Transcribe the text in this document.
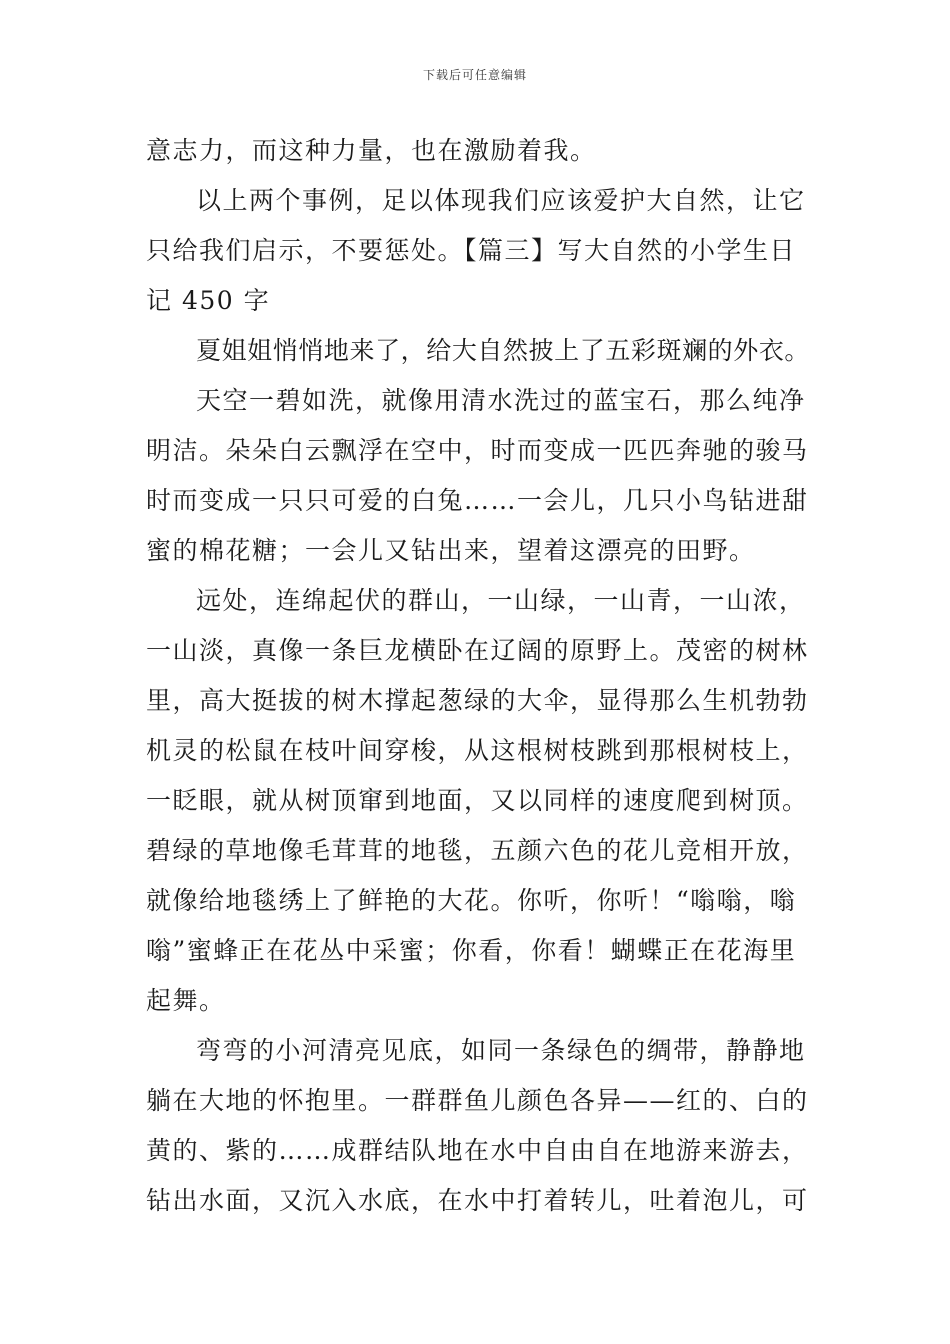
下载后可任意编辑
意志力，而这种力量，也在激励着我。
以上两个事例，足以体现我们应该爱护大自然，让它
只给我们启示，不要惩处。【篇三】写大自然的小学生日
记 450 字
夏姐姐悄悄地来了，给大自然披上了五彩斑斓的外衣。
天空一碧如洗，就像用清水洗过的蓝宝石，那么纯净
明洁。朵朵白云飘浮在空中，时而变成一匹匹奔驰的骏马
时而变成一只只可爱的白兔……一会儿，几只小鸟钻进甜
蜜的棉花糖；一会儿又钻出来，望着这漂亮的田野。
远处，连绵起伏的群山，一山绿，一山青，一山浓，
一山淡，真像一条巨龙横卧在辽阔的原野上。茂密的树林
里，高大挺拔的树木撑起葱绿的大伞，显得那么生机勃勃
机灵的松鼠在枝叶间穿梭，从这根树枝跳到那根树枝上，
一眨眼，就从树顶窜到地面，又以同样的速度爬到树顶。
碧绿的草地像毛茸茸的地毯，五颜六色的花儿竞相开放，
就像给地毯绣上了鲜艳的大花。你听，你听！“嗡嗡，嗡
嗡”蜜蜂正在花丛中采蜜；你看，你看！蝴蝶正在花海里
起舞。
弯弯的小河清亮见底，如同一条绿色的绸带，静静地
躺在大地的怀抱里。一群群鱼儿颜色各异——红的、白的
黄的、紫的……成群结队地在水中自由自在地游来游去，
钻出水面，又沉入水底，在水中打着转儿，吐着泡儿，可
